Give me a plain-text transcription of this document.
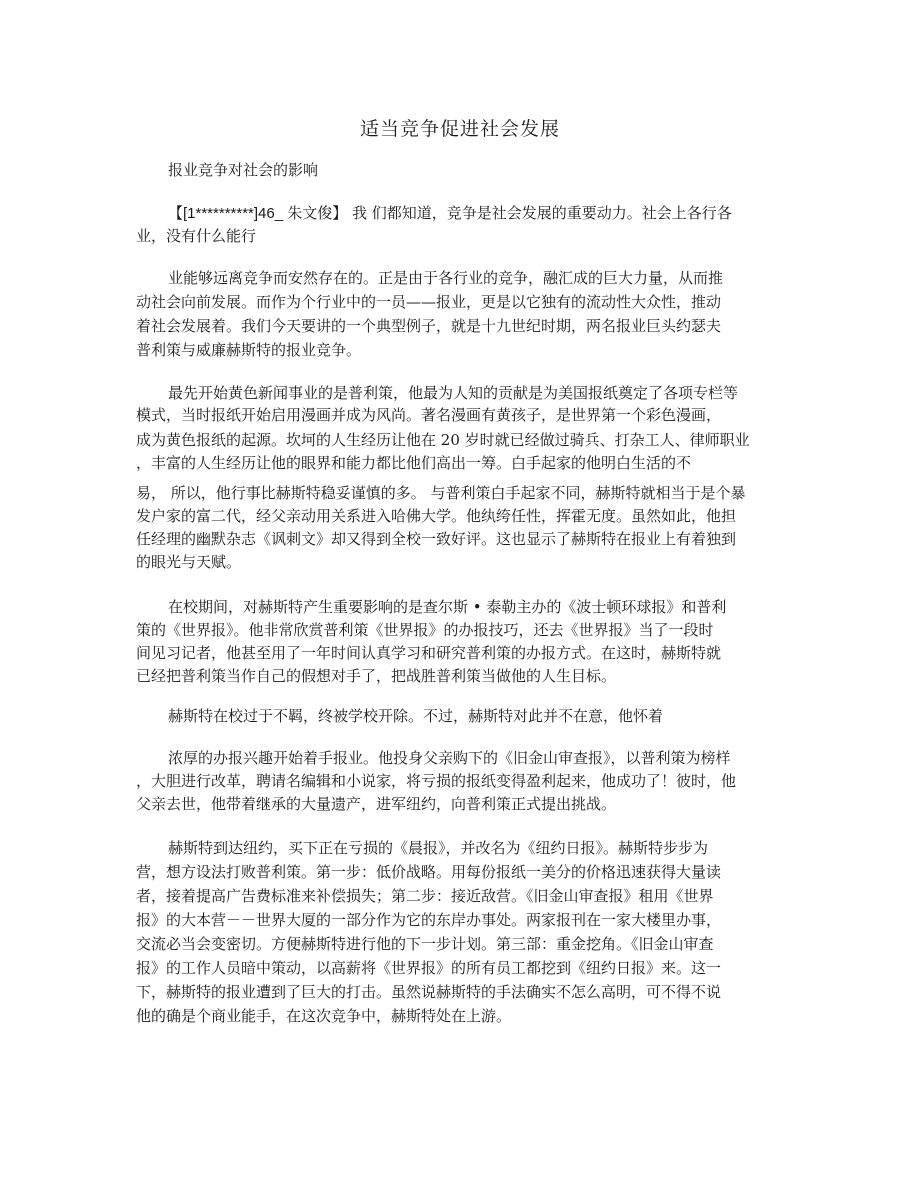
适当竞争促进社会发展
报业竞争对社会的影响
【[1**********]46_ 朱文俊】 我 们都知道，竞争是社会发展的重要动力。社会上各行各
业，没有什么能行
业能够远离竞争而安然存在的。正是由于各行业的竞争，融汇成的巨大力量，从而推
动社会向前发展。而作为个行业中的一员——报业，更是以它独有的流动性大众性，推动
着社会发展着。我们今天要讲的一个典型例子，就是十九世纪时期，两名报业巨头约瑟夫
普利策与威廉赫斯特的报业竞争。
最先开始黄色新闻事业的是普利策，他最为人知的贡献是为美国报纸奠定了各项专栏等
模式，当时报纸开始启用漫画并成为风尚。著名漫画有黄孩子，是世界第一个彩色漫画，
成为黄色报纸的起源。坎坷的人生经历让他在 20 岁时就已经做过骑兵、打杂工人、律师职业
，丰富的人生经历让他的眼界和能力都比他们高出一筹。白手起家的他明白生活的不
易， 所以，他行事比赫斯特稳妥谨慎的多。 与普利策白手起家不同，赫斯特就相当于是个暴
发户家的富二代，经父亲动用关系进入哈佛大学。他纨绔任性，挥霍无度。虽然如此，他担
任经理的幽默杂志《讽刺文》却又得到全校一致好评。这也显示了赫斯特在报业上有着独到
的眼光与天赋。
在校期间，对赫斯特产生重要影响的是查尔斯 • 泰勒主办的《波士顿环球报》和普利
策的《世界报》。他非常欣赏普利策《世界报》的办报技巧，还去《世界报》当了一段时
间见习记者，他甚至用了一年时间认真学习和研究普利策的办报方式。在这时，赫斯特就
已经把普利策当作自己的假想对手了，把战胜普利策当做他的人生目标。
赫斯特在校过于不羁，终被学校开除。不过，赫斯特对此并不在意，他怀着
浓厚的办报兴趣开始着手报业。他投身父亲购下的《旧金山审查报》，以普利策为榜样
，大胆进行改革，聘请名编辑和小说家，将亏损的报纸变得盈利起来，他成功了！彼时，他
父亲去世，他带着继承的大量遗产，进军纽约，向普利策正式提出挑战。
赫斯特到达纽约，买下正在亏损的《晨报》，并改名为《纽约日报》。赫斯特步步为
营，想方设法打败普利策。第一步：低价战略。用每份报纸一美分的价格迅速获得大量读
者，接着提高广告费标准来补偿损失；第二步：接近敌营。《旧金山审查报》租用《世界
报》的大本营－－世界大厦的一部分作为它的东岸办事处。两家报刊在一家大楼里办事，
交流必当会变密切。方便赫斯特进行他的下一步计划。第三部：重金挖角。《旧金山审查
报》的工作人员暗中策动，以高薪将《世界报》的所有员工都挖到《纽约日报》来。这一
下，赫斯特的报业遭到了巨大的打击。虽然说赫斯特的手法确实不怎么高明，可不得不说
他的确是个商业能手，在这次竞争中，赫斯特处在上游。
